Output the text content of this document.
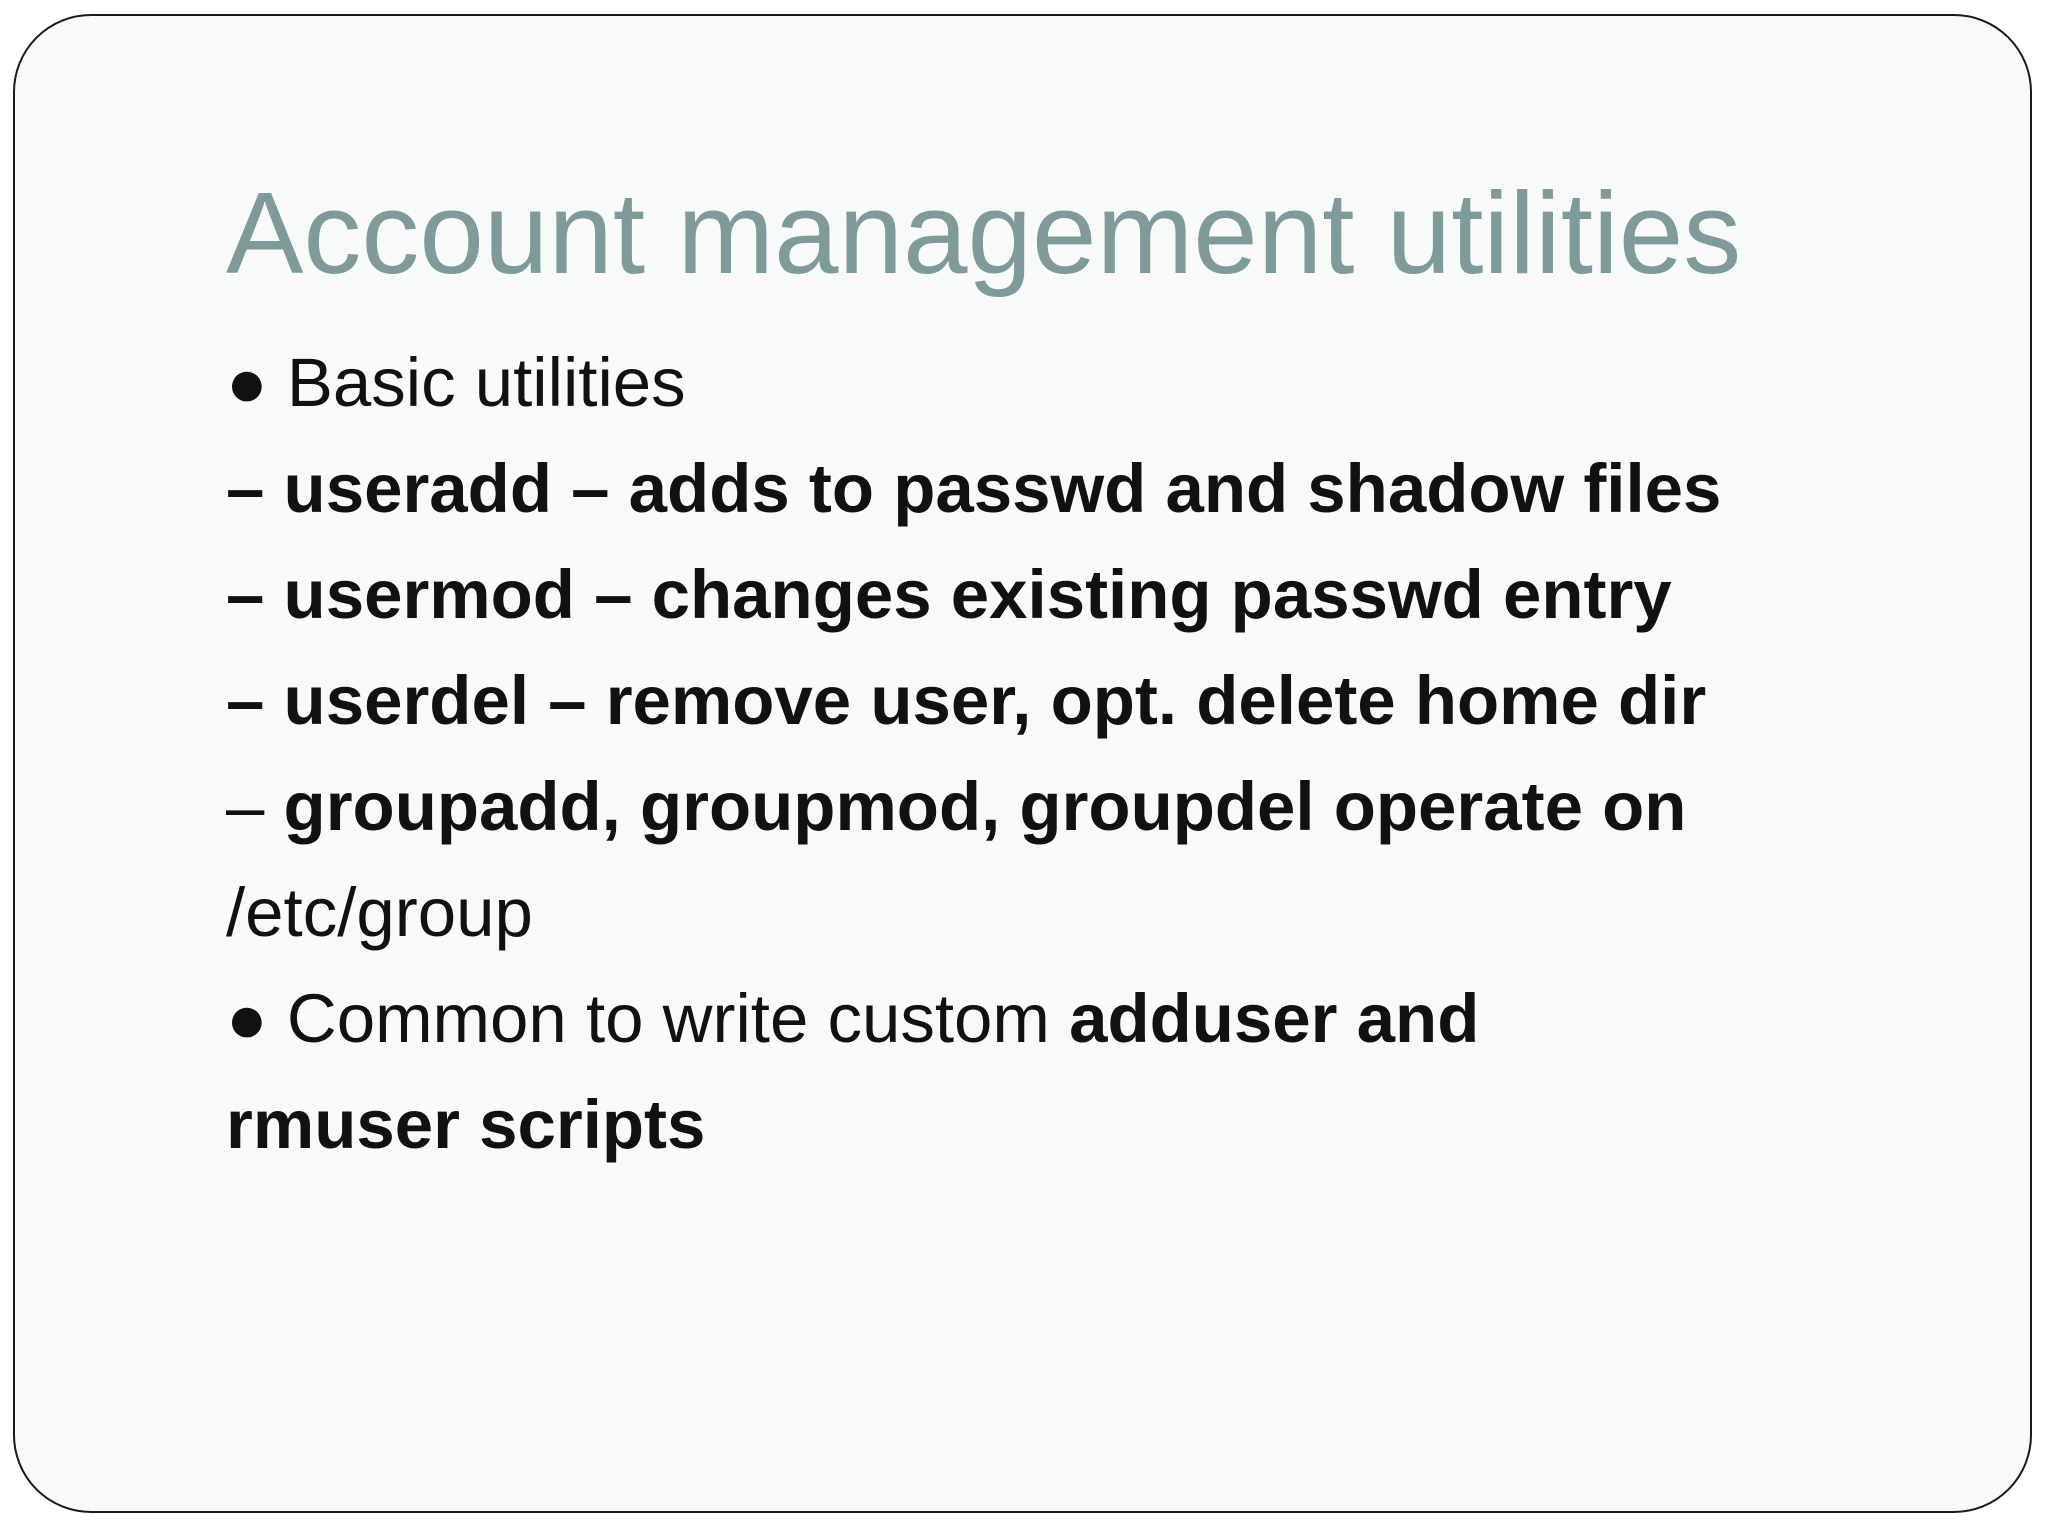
Account management utilities
● Basic utilities
– useradd – adds to passwd and shadow files
– usermod – changes existing passwd entry
– userdel – remove user, opt. delete home dir
– groupadd, groupmod, groupdel operate on
/etc/group
● Common to write custom adduser and
rmuser scripts
